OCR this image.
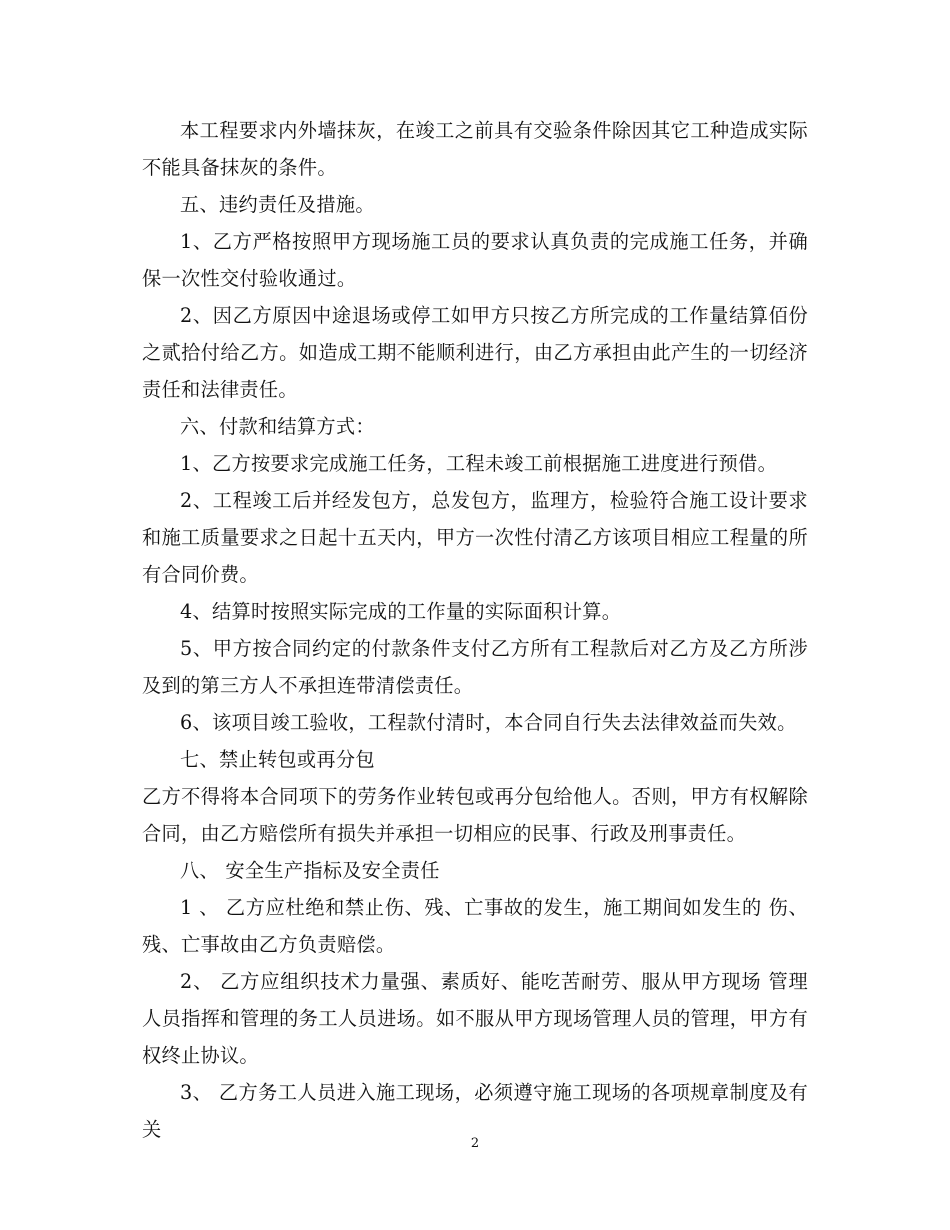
本工程要求内外墙抹灰，在竣工之前具有交验条件除因其它工种造成实际不能具备抹灰的条件。

五、违约责任及措施。

1、乙方严格按照甲方现场施工员的要求认真负责的完成施工任务，并确保一次性交付验收通过。

2、因乙方原因中途退场或停工如甲方只按乙方所完成的工作量结算佰份之贰拾付给乙方。如造成工期不能顺利进行，由乙方承担由此产生的一切经济责任和法律责任。

六、付款和结算方式：

1、乙方按要求完成施工任务，工程未竣工前根据施工进度进行预借。

2、工程竣工后并经发包方，总发包方，监理方，检验符合施工设计要求和施工质量要求之日起十五天内，甲方一次性付清乙方该项目相应工程量的所有合同价费。

4、结算时按照实际完成的工作量的实际面积计算。

5、甲方按合同约定的付款条件支付乙方所有工程款后对乙方及乙方所涉及到的第三方人不承担连带清偿责任。

6、该项目竣工验收，工程款付清时，本合同自行失去法律效益而失效。

七、禁止转包或再分包

乙方不得将本合同项下的劳务作业转包或再分包给他人。否则，甲方有权解除合同，由乙方赔偿所有损失并承担一切相应的民事、行政及刑事责任。

八、 安全生产指标及安全责任

1 、 乙方应杜绝和禁止伤、残、亡事故的发生，施工期间如发生的 伤、残、亡事故由乙方负责赔偿。

2、 乙方应组织技术力量强、素质好、能吃苦耐劳、服从甲方现场 管理人员指挥和管理的务工人员进场。如不服从甲方现场管理人员的管理，甲方有权终止协议。

3、 乙方务工人员进入施工现场，必须遵守施工现场的各项规章制度及有关

2
